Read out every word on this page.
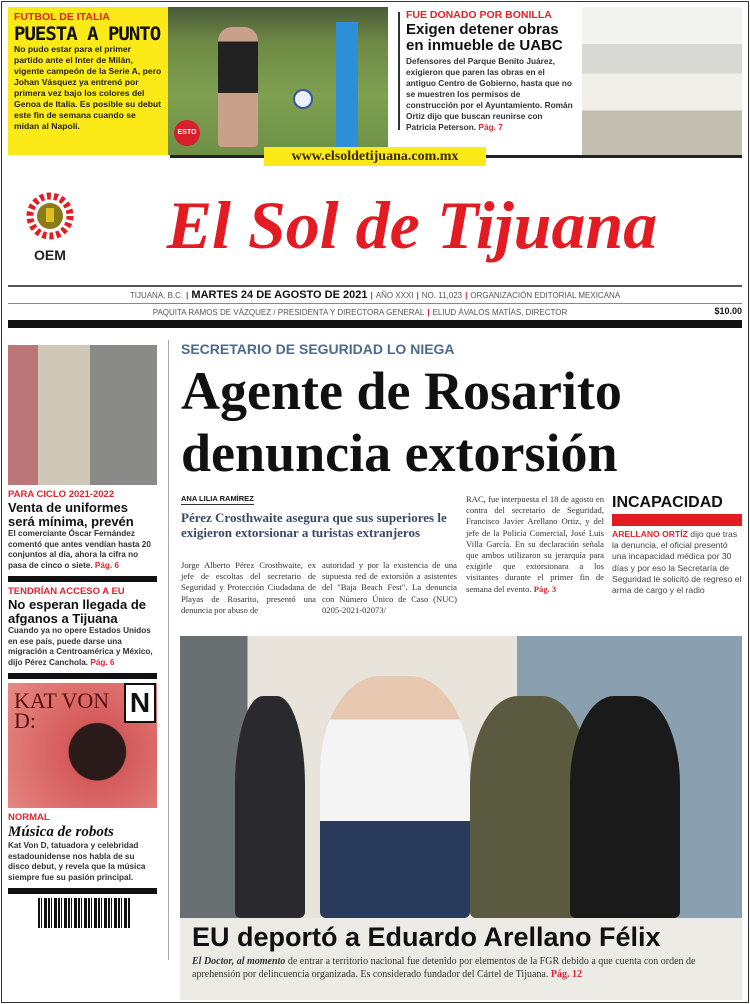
FUTBOL DE ITALIA
PUESTA A PUNTO
No pudo estar para el primer partido ante el Inter de Milán, vigente campeón de la Serie A, pero Johan Vásquez ya entrenó por primera vez bajo los colores del Genoa de Italia. Es posible su debut este fin de semana cuando se midan al Napoli.
ESTO
FUE DONADO POR BONILLA
Exigen detener obras en inmueble de UABC
Defensores del Parque Benito Juárez, exigieron que paren las obras en el antiguo Centro de Gobierno, hasta que no se muestren los permisos de construcción por el Ayuntamiento. Román Ortiz dijo que buscan reunirse con Patricia Peterson. Pág. 7
www.elsoldetijuana.com.mx
OEM	El Sol de Tijuana
TIJUANA, B.C. | MARTES 24 DE AGOSTO DE 2021 | AÑO XXXI | NO. 11,023 | ORGANIZACIÓN EDITORIAL MEXICANA
PAQUITA RAMOS DE VÁZQUEZ / PRESIDENTA Y DIRECTORA GENERAL | ELIUD ÁVALOS MATÍAS, DIRECTOR	$10.00
PARA CICLO 2021-2022
Venta de uniformes será mínima, prevén
El comerciante Óscar Fernández comentó que antes vendían hasta 20 conjuntos al día, ahora la cifra no pasa de cinco o siete. Pág. 6
TENDRÍAN ACCESO A EU
No esperan llegada de afganos a Tijuana
Cuando ya no opere Estados Unidos en ese país, puede darse una migración a Centroamérica y México, dijo Pérez Canchola. Pág. 6
KAT VON D:
N
NORMAL
Música de robots
Kat Von D, tatuadora y celebridad estadounidense nos habla de su disco debut, y revela que la música siempre fue su pasión principal.
SECRETARIO DE SEGURIDAD LO NIEGA
Agente de Rosarito denuncia extorsión
ANA LILIA RAMÍREZ
Pérez Crosthwaite asegura que sus superiores le exigieron extorsionar a turistas extranjeros
Jorge Alberto Pérez Crosthwaite, ex jefe de escoltas del secretario de Seguridad y Protección Ciudadana de Playas de Rosarito, presentó una denuncia por abuso de
autoridad y por la existencia de una supuesta red de extorsión a asistentes del "Baja Beach Fest". La denuncia con Número Único de Caso (NUC) 0205-2021-02073/
RAC, fue interpuesta el 18 de agosto en contra del secretario de Seguridad, Francisco Javier Arellano Ortiz, y del jefe de la Policía Comercial, José Luis Villa García. En su declaración señala que ambos utilizaron su jerarquía para exigirle que extorsionara a los visitantes durante el primer fin de semana del evento. Pág. 3
INCAPACIDAD
ARELLANO ORTÍZ dijo que tras la denuncia, el oficial presentó una incapacidad médica por 30 días y por eso la Secretaría de Seguridad le solicitó de regreso el arma de cargo y el radio
EU deportó a Eduardo Arellano Félix
El Doctor, al momento de entrar a territorio nacional fue detenido por elementos de la FGR debido a que cuenta con orden de aprehensión por delincuencia organizada. Es considerado fundador del Cártel de Tijuana. Pág. 12
